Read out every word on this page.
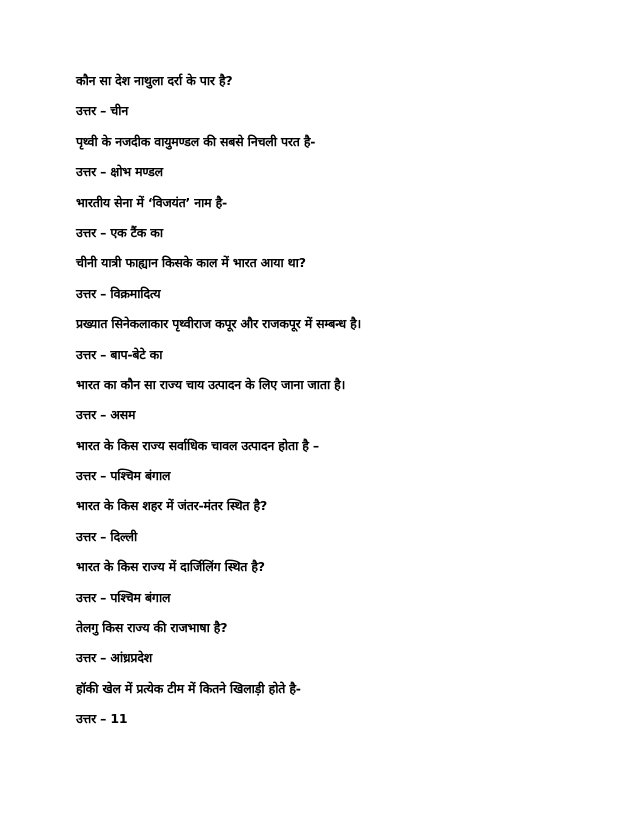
कौन सा देश नाथुला दर्रा के पार है?
उत्तर – चीन
पृथ्वी के नजदीक वायुमण्डल की सबसे निचली परत है-
उत्तर – क्षोभ मण्डल
भारतीय सेना में ‘विजयंत’ नाम है-
उत्तर – एक टैंक का
चीनी यात्री फाह्यान किसके काल में भारत आया था?
उत्तर – विक्रमादित्य
प्रख्यात सिनेकलाकार पृथ्वीराज कपूर और राजकपूर में सम्बन्ध है।
उत्तर – बाप-बेटे का
भारत का कौन सा राज्य चाय उत्पादन के लिए जाना जाता है।
उत्तर – असम
भारत के किस राज्य सर्वाधिक चावल उत्पादन होता है –
उत्तर – पश्चिम बंगाल
भारत के किस शहर में जंतर-मंतर स्थित है?
उत्तर – दिल्ली
भारत के किस राज्य में दार्जिलिंग स्थित है?
उत्तर – पश्चिम बंगाल
तेलगु किस राज्य की राजभाषा है?
उत्तर – आंध्रप्रदेश
हॉकी खेल में प्रत्येक टीम में कितने खिलाड़ी होते है-
उत्तर – 11
